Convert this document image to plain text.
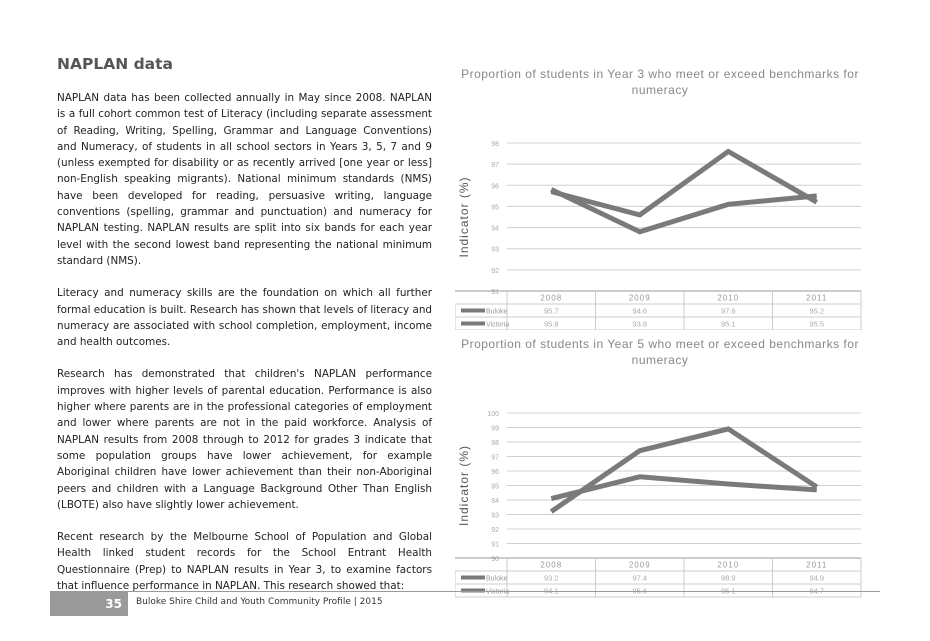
NAPLAN data

NAPLAN data has been collected annually in May since 2008. NAPLAN is a full cohort common test of Literacy (including separate assessment of Reading, Writing, Spelling, Grammar and Language Conventions) and Numeracy, of students in all school sectors in Years 3, 5, 7 and 9 (unless exempted for disability or as recently arrived [one year or less] non-English speaking migrants). National minimum standards (NMS) have been developed for reading, persuasive writing, language conventions (spelling, grammar and punctuation) and numeracy for NAPLAN testing. NAPLAN results are split into six bands for each year level with the second lowest band representing the national minimum standard (NMS).

Literacy and numeracy skills are the foundation on which all further formal education is built. Research has shown that levels of literacy and numeracy are associated with school completion, employment, income and health outcomes.

Research has demonstrated that children's NAPLAN performance improves with higher levels of parental education. Performance is also higher where parents are in the professional categories of employment and lower where parents are not in the paid workforce. Analysis of NAPLAN results from 2008 through to 2012 for grades 3 indicate that some population groups have lower achievement, for example Aboriginal children have lower achievement than their non-Aboriginal peers and children with a Language Background Other Than English (LBOTE) also have slightly lower achievement.

Recent research by the Melbourne School of Population and Global Health linked student records for the School Entrant Health Questionnaire (Prep) to NAPLAN results in Year 3, to examine factors that influence performance in NAPLAN. This research showed that:

Proportion of students in Year 3 who meet or exceed benchmarks for numeracy
Indicator (%)
91
92
93
94
95
96
97
98
2008	2009	2010	2011
Buloke	95.7	94.6	97.6	95.2
Victoria	95.8	93.8	95.1	95.5
Proportion of students in Year 5 who meet or exceed benchmarks for numeracy
Indicator (%)
90
91
92
93
94
95
96
97
98
99
100
2008	2009	2010	2011
Buloke	93.2	97.4	98.9	94.9
Victoria	94.1	95.6	95.1	94.7
35	Buloke Shire Child and Youth Community Profile | 2015
